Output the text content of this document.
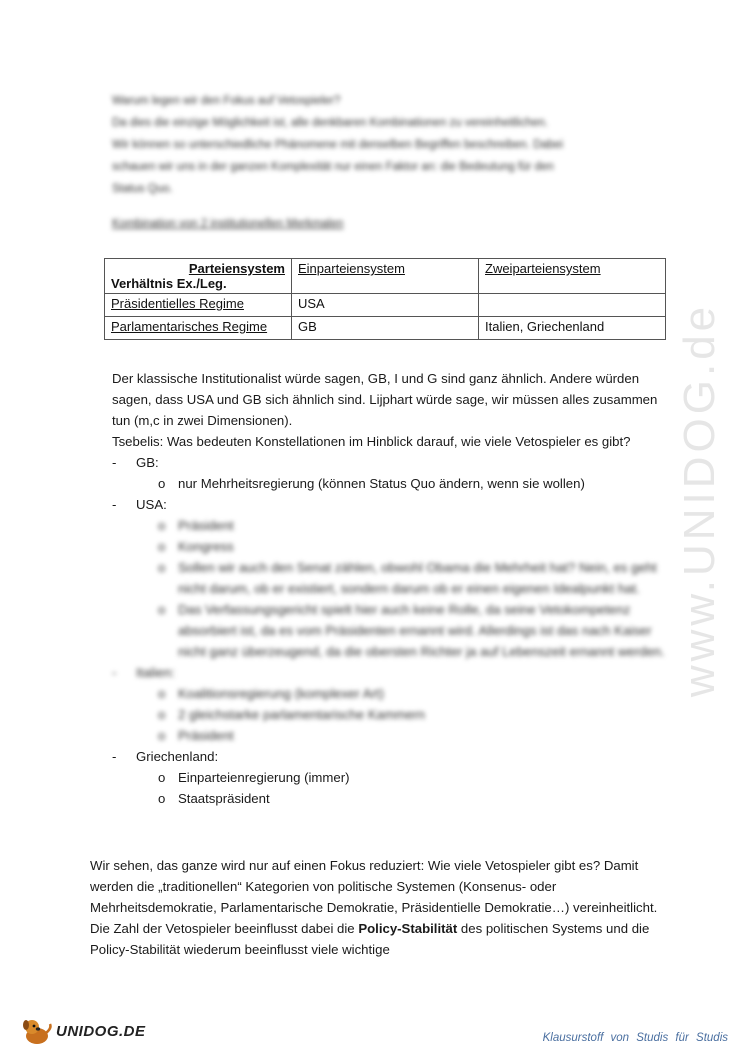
www.UNIDOG.de

Warum legen wir den Fokus auf Vetospieler?

Da dies die einzige Möglichkeit ist, alle denkbaren Kombinationen zu vereinheitlichen.

Wir können so unterschiedliche Phänomene mit denselben Begriffen beschreiben. Dabei

schauen wir uns in der ganzen Komplexität nur einen Faktor an: die Bedeutung für den

Status Quo.

Kombination von 2 institutionellen Merkmalen
Parteiensystem
Verhältnis Ex./Leg.	Einparteiensystem	Zweiparteiensystem
Präsidentielles Regime	USA	
Parlamentarisches Regime	GB	Italien, Griechenland

Der klassische Institutionalist würde sagen, GB, I und G sind ganz ähnlich. Andere würden sagen, dass USA und GB sich ähnlich sind. Lijphart würde sage, wir müssen alles zusammen tun (m,c in zwei Dimensionen).

Tsebelis: Was bedeuten Konstellationen im Hinblick darauf, wie viele Vetospieler es gibt?

- GB:

o nur Mehrheitsregierung (können Status Quo ändern, wenn sie wollen)

- USA:

o Präsident

o Kongress

o Sollen wir auch den Senat zählen, obwohl Obama die Mehrheit hat? Nein, es geht nicht darum, ob er existiert, sondern darum ob er einen eigenen Idealpunkt hat.

o Das Verfassungsgericht spielt hier auch keine Rolle, da seine Vetokompetenz absorbiert ist, da es vom Präsidenten ernannt wird. Allerdings ist das nach Kaiser nicht ganz überzeugend, da die obersten Richter ja auf Lebenszeit ernannt werden.

- Italien:

o Koalitionsregierung (komplexer Art)

o 2 gleichstarke parlamentarische Kammern

o Präsident

- Griechenland:

o Einparteienregierung (immer)

o Staatspräsident

Wir sehen, das ganze wird nur auf einen Fokus reduziert: Wie viele Vetospieler gibt es? Damit werden die „traditionellen“ Kategorien von politische Systemen (Konsenus- oder Mehrheitsdemokratie, Parlamentarische Demokratie, Präsidentielle Demokratie…) vereinheitlicht. Die Zahl der Vetospieler beeinflusst dabei die Policy-Stabilität des politischen Systems und die Policy-Stabilität wiederum beeinflusst viele wichtige

UNIDOG.DE	Klausurstoff von Studis für Studis
